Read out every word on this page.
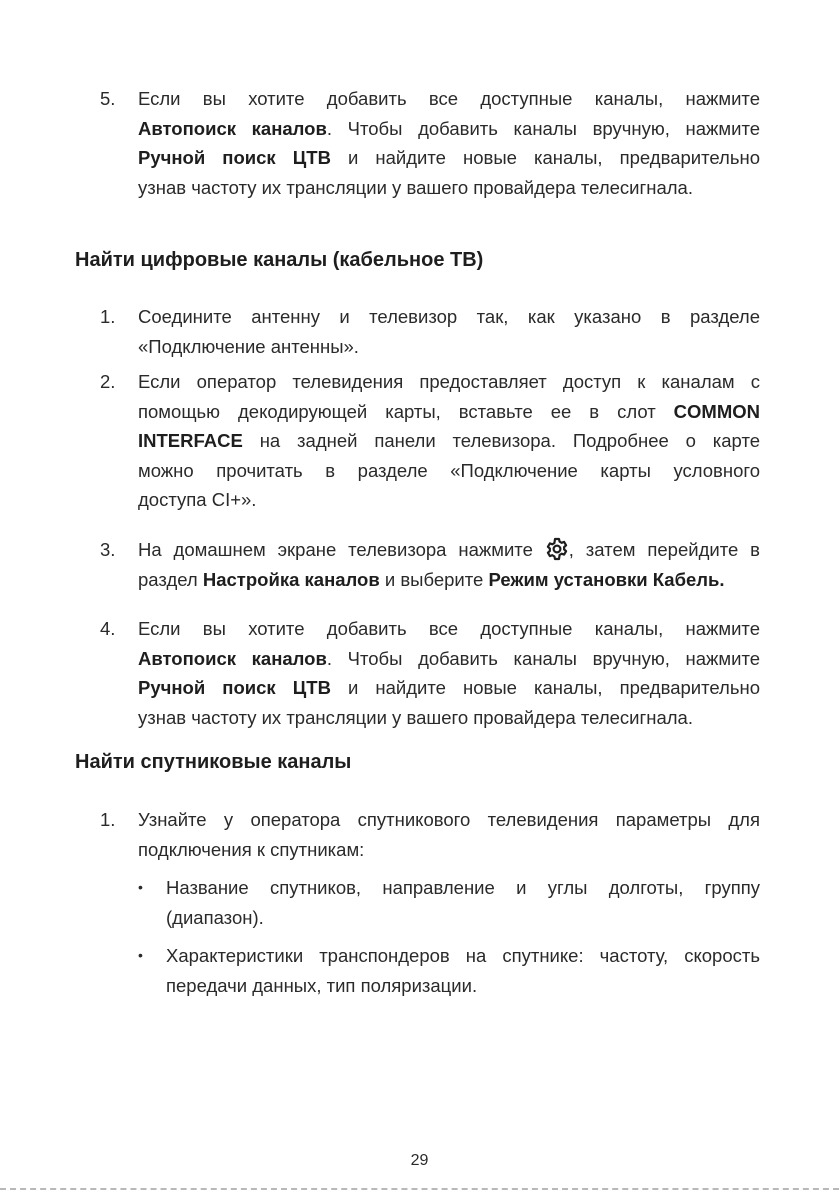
5.	Если вы хотите добавить все доступные каналы, нажмите
Автопоиск каналов. Чтобы добавить каналы вручную, нажмите
Ручной поиск ЦТВ и найдите новые каналы, предварительно
узнав частоту их трансляции у вашего провайдера телесигнала.
Найти цифровые каналы (кабельное ТВ)
1.	Соедините антенну и телевизор так, как указано в разделе
«Подключение антенны».
2.	Если оператор телевидения предоставляет доступ к каналам с
помощью декодирующей карты, вставьте ее в слот COMMON
INTERFACE на задней панели телевизора. Подробнее о карте
можно прочитать в разделе «Подключение карты условного
доступа CI+».
3.	На домашнем экране телевизора нажмите , затем перейдите в
раздел Настройка каналов и выберите Режим установки Кабель.
4.	Если вы хотите добавить все доступные каналы, нажмите
Автопоиск каналов. Чтобы добавить каналы вручную, нажмите
Ручной поиск ЦТВ и найдите новые каналы, предварительно
узнав частоту их трансляции у вашего провайдера телесигнала.
Найти спутниковые каналы
1.	Узнайте у оператора спутникового телевидения параметры для
подключения к спутникам:
• Название спутников, направление и углы долготы, группу
(диапазон).
• Характеристики транспондеров на спутнике: частоту, скорость
передачи данных, тип поляризации.
29
